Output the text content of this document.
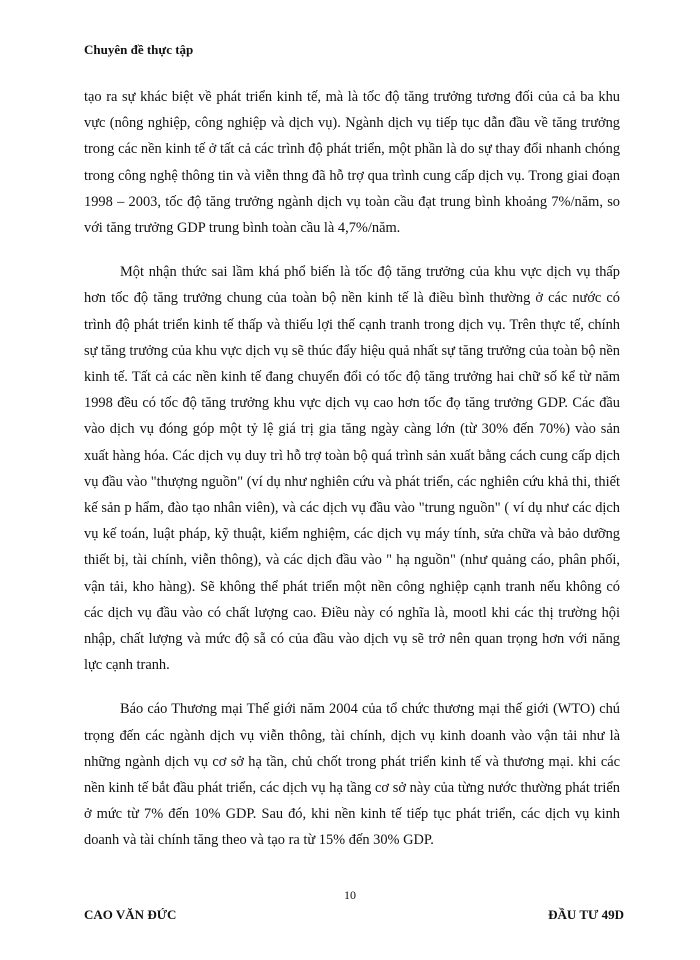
Chuyên đề thực tập

tạo ra sự khác biệt về phát triển kinh tế, mà là tốc độ tăng trưởng tương đối của cả ba khu vực (nông nghiệp, công nghiệp và dịch vụ). Ngành dịch vụ tiếp tục dẫn đầu về tăng trưởng trong các nền kinh tế ở tất cả các trình độ phát triển, một phần là do sự thay đổi nhanh chóng trong công nghệ thông tin và viễn thng đã hỗ trợ qua trình cung cấp dịch vụ. Trong giai đoạn 1998 – 2003, tốc độ tăng trưởng ngành dịch vụ toàn cầu đạt trung bình khoảng 7%/năm, so với tăng trưởng GDP trung bình toàn cầu là 4,7%/năm.

Một nhận thức sai lầm khá phổ biến là tốc độ tăng trưởng của khu vực dịch vụ thấp hơn tốc độ tăng trưởng chung của toàn bộ nền kinh tế là điều bình thường ở các nước có trình độ phát triển kinh tế thấp và thiếu lợi thế cạnh tranh trong dịch vụ. Trên thực tế, chính sự tăng trưởng của khu vực dịch vụ sẽ thúc đẩy hiệu quả nhất sự tăng trưởng của toàn bộ nền kinh tế. Tất cả các nền kinh tế đang chuyển đổi có tốc độ tăng trưởng hai chữ số kể từ năm 1998 đều có tốc độ tăng trưởng khu vực dịch vụ cao hơn tốc đọ tăng trưởng GDP. Các đầu vào dịch vụ đóng góp một tỷ lệ giá trị gia tăng ngày càng lớn (từ 30% đến 70%) vào sản xuất hàng hóa. Các dịch vụ duy trì hỗ trợ toàn bộ quá trình sản xuất bằng cách cung cấp dịch vụ đầu vào "thượng nguồn" (ví dụ như nghiên cứu và phát triển, các nghiên cứu khả thi, thiết kế sản p hẩm, đào tạo nhân viên), và các dịch vụ đầu vào "trung nguồn" ( ví dụ như các dịch vụ kế toán, luật pháp, kỹ thuật, kiểm nghiệm, các dịch vụ máy tính, sửa chữa và bảo dưỡng thiết bị, tài chính, viễn thông), và các dịch đầu vào " hạ nguồn" (như quảng cáo, phân phối, vận tải, kho hàng). Sẽ không thể phát triển một nền công nghiệp cạnh tranh nếu không có các dịch vụ đầu vào có chất lượng cao. Điều này có nghĩa là, mootl khi các thị trường hội nhập, chất lượng và mức độ sẵ có của đầu vào dịch vụ sẽ trở nên quan trọng hơn với năng lực cạnh tranh.

Báo cáo Thương mại Thế giới năm 2004 của tổ chức thương mại thế giới (WTO) chú trọng đến các ngành dịch vụ viễn thông, tài chính, dịch vụ kinh doanh vào vận tải như là những ngành dịch vụ cơ sở hạ tần, chủ chốt trong phát triển kinh tế và thương mại. khi các nền kinh tế bắt đầu phát triển, các dịch vụ hạ tầng cơ sở này của từng nước thường phát triển ở mức từ 7% đến 10% GDP. Sau đó, khi nền kinh tế tiếp tục phát triển, các dịch vụ kinh doanh và tài chính tăng theo và tạo ra từ 15% đến 30% GDP.

10
CAO VĂN ĐỨC	ĐẦU TƯ 49D
